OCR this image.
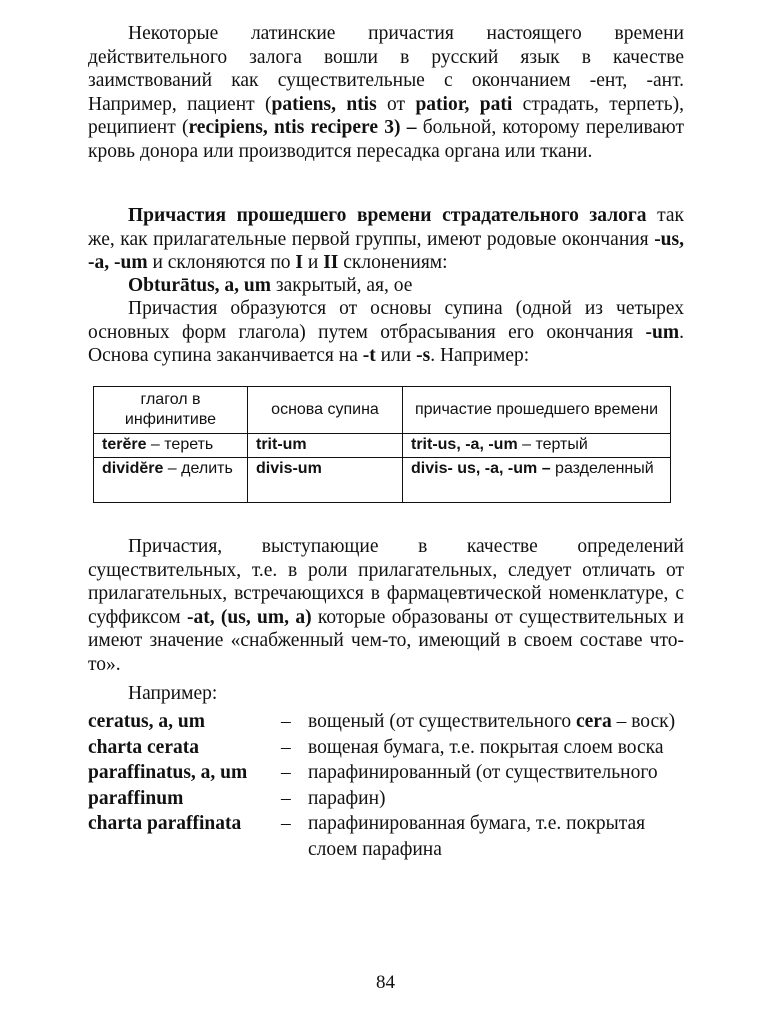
Некоторые латинские причастия настоящего времени действительного залога вошли в русский язык в качестве заимствований как существительные с окончанием -ент, -ант. Например, пациент (patiens, ntis от patior, pati страдать, терпеть), реципиент (recipiens, ntis recipere 3) – больной, которому переливают кровь донора или производится пересадка органа или ткани.

Причастия прошедшего времени страдательного залога так же, как прилагательные первой группы, имеют родовые окончания -us, -a, -um и склоняются по I и II склонениям:

Obturātus, a, um закрытый, ая, ое

Причастия образуются от основы супина (одной из четырех основных форм глагола) путем отбрасывания его окончания -um. Основа супина заканчивается на -t или -s. Например:

глагол в инфинитиве	основа супина	причастие прошедшего времени
terĕre – тереть	trit-um	trit-us, -a, -um – тертый
dividĕre – делить	divis-um	divis- us, -a, -um – разделенный

Причастия, выступающие в качестве определений существительных, т.е. в роли прилагательных, следует отличать от прилагательных, встречающихся в фармацевтической номенклатуре, с суффиксом -at, (us, um, a) которые образованы от существительных и имеют значение «снабженный чем-то, имеющий в своем составе что-то».

Например:

ceratus, a, um	– вощеный (от существительного cera – воск)
charta cerata	– вощеная бумага, т.е. покрытая слоем воска
paraffinatus, a, um	– парафинированный (от существительного
paraffinum	– парафин)
charta paraffinata	– парафинированная бумага, т.е. покрытая слоем парафина
84
